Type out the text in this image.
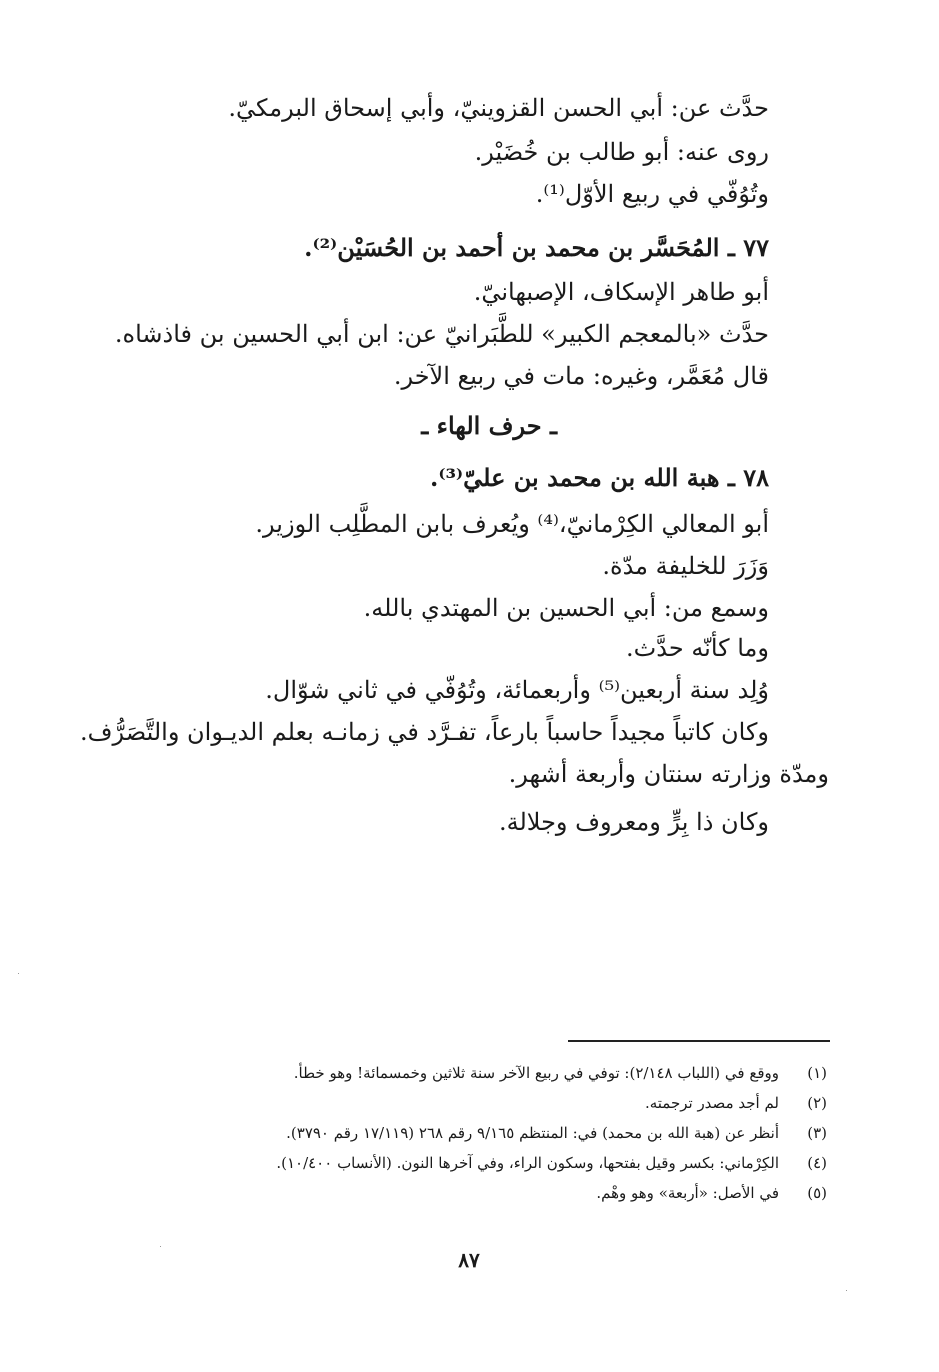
حدَّث عن: أبي الحسن القزوينيّ، وأبي إسحاق البرمكيّ.
روى عنه: أبو طالب بن خُضَيْر.
وتُوُفّي في ربيع الأوّل⁽¹⁾.
٧٧ ـ المُحَسَّر بن محمد بن أحمد بن الحُسَيْن⁽²⁾.
أبو طاهر الإسكاف، الإصبهانيّ.
حدَّث «بالمعجم الكبير» للطَّبَرانيّ عن: ابن أبي الحسين بن فاذشاه.
قال مُعَمَّر، وغيره: مات في ربيع الآخر.
ـ حرف الهاء ـ
٧٨ ـ هبة الله بن محمد بن عليّ⁽³⁾.
أبو المعالي الكِرْمانيّ،⁽⁴⁾ ويُعرف بابن المطَّلِب الوزير.
وَزَرَ للخليفة مدّة.
وسمع من: أبي الحسين بن المهتدي بالله.
وما كأنّه حدَّث.
وُلِد سنة أربعين⁽⁵⁾ وأربعمائة، وتُوُفّي في ثاني شوّال.
وكان كاتباً مجيداً حاسباً بارعاً، تفـرَّد في زمانـه بعلم الديـوان والتَّصَرُّف.
ومدّة وزارته سنتان وأربعة أشهر.
وكان ذا بِرٍّ ومعروف وجلالة.
(١)
ووقع في (اللباب ٢/١٤٨): توفي في ربيع الآخر سنة ثلاثين وخمسمائة! وهو خطأ.
(٢)
لم أجد مصدر ترجمته.
(٣)
أنظر عن (هبة الله بن محمد) في: المنتظم ٩/١٦٥ رقم ٢٦٨ (١٧/١١٩ رقم ٣٧٩٠).
(٤)
الكِرْماني: بكسر وقيل بفتحها، وسكون الراء، وفي آخرها النون. (الأنساب ١٠/٤٠٠).
(٥)
في الأصل: «أربعة» وهو وهْم.
٨٧
